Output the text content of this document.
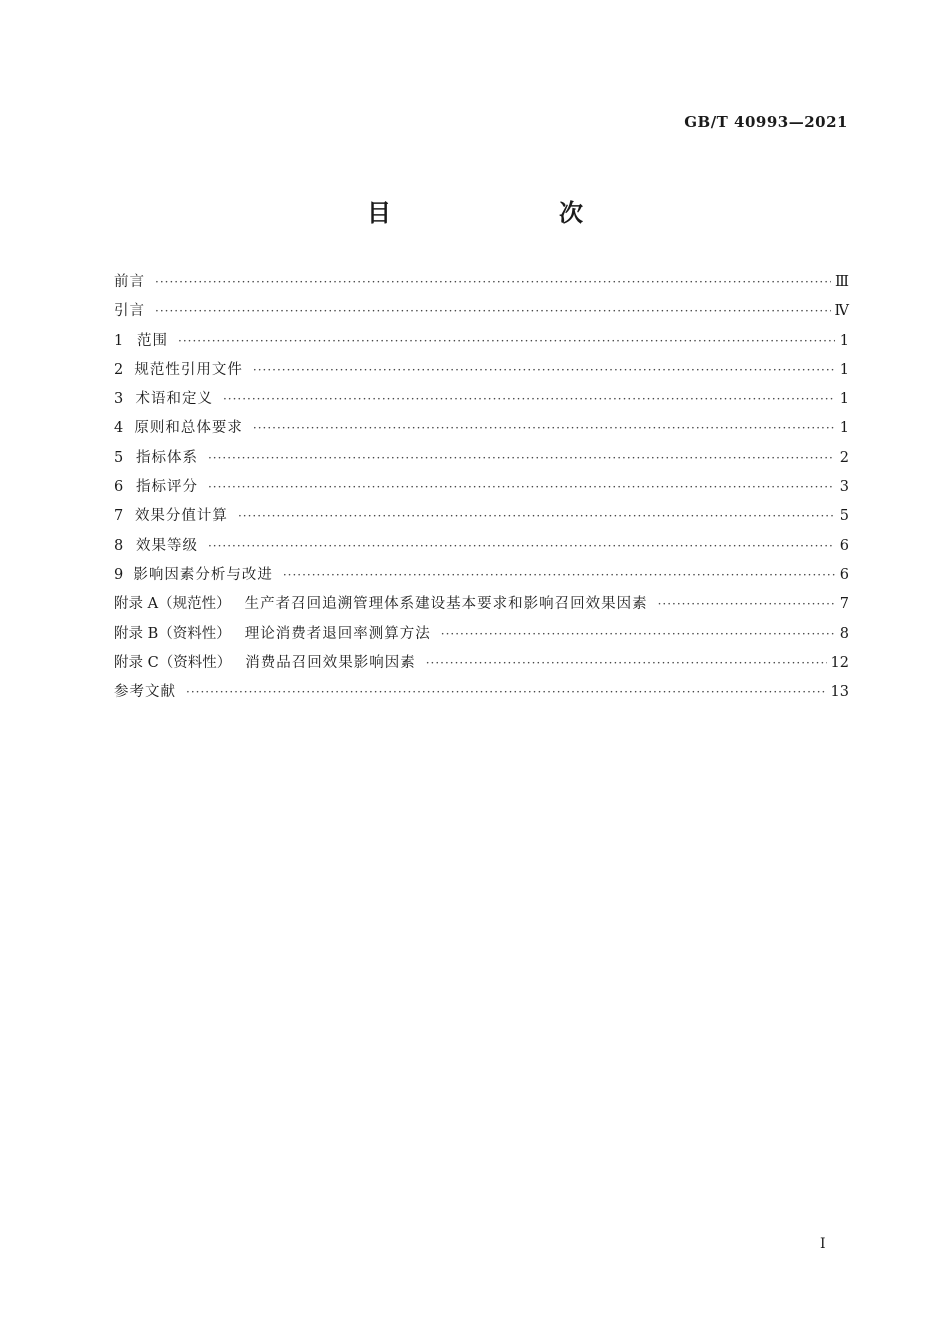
GB/T 40993—2021
目　　次
前言 ·····	Ⅲ
引言 ·····	Ⅳ
1 范围 ·····	1
2 规范性引用文件 ·····	1
3 术语和定义 ·····	1
4 原则和总体要求 ·····	1
5 指标体系 ·····	2
6 指标评分 ·····	3
7 效果分值计算 ·····	5
8 效果等级 ·····	6
9 影响因素分析与改进 ·····	6
附录 A（规范性） 生产者召回追溯管理体系建设基本要求和影响召回效果因素 ·····	7
附录 B（资料性） 理论消费者退回率测算方法 ·····	8
附录 C（资料性） 消费品召回效果影响因素 ·····	12
参考文献 ·····	13
Ⅰ
